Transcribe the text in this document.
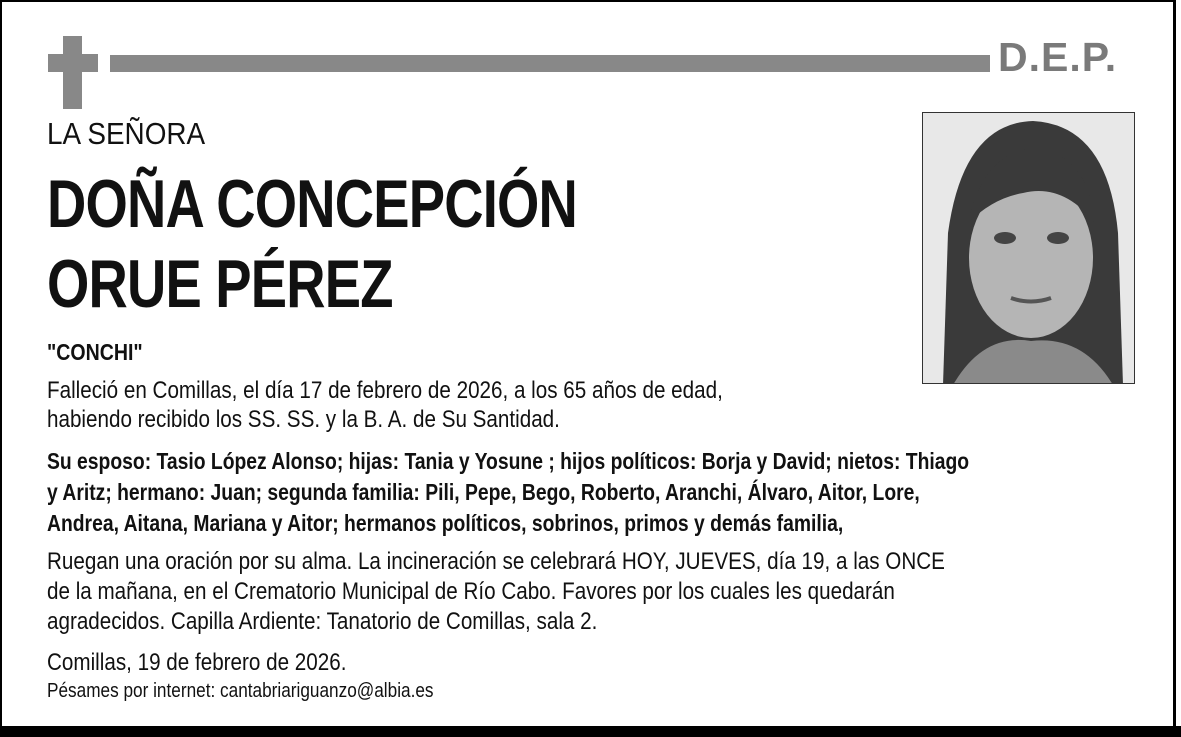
D.E.P.
LA SEÑORA
DOÑA CONCEPCIÓN
ORUE PÉREZ
"CONCHI"
Falleció en Comillas, el día 17 de febrero de 2026, a los 65 años de edad,
habiendo recibido los SS. SS. y la B. A. de Su Santidad.
Su esposo: Tasio López Alonso; hijas: Tania y Yosune ; hijos políticos: Borja y David; nietos: Thiago
y Aritz; hermano: Juan; segunda familia: Pili, Pepe, Bego, Roberto, Aranchi, Álvaro, Aitor, Lore,
Andrea, Aitana, Mariana y Aitor; hermanos políticos, sobrinos, primos y demás familia,
Ruegan una oración por su alma. La incineración se celebrará HOY, JUEVES, día 19, a las ONCE
de la mañana, en el Crematorio Municipal de Río Cabo. Favores por los cuales les quedarán
agradecidos. Capilla Ardiente: Tanatorio de Comillas, sala 2.
Comillas, 19 de febrero de 2026.
Pésames por internet: cantabriariguanzo@albia.es
